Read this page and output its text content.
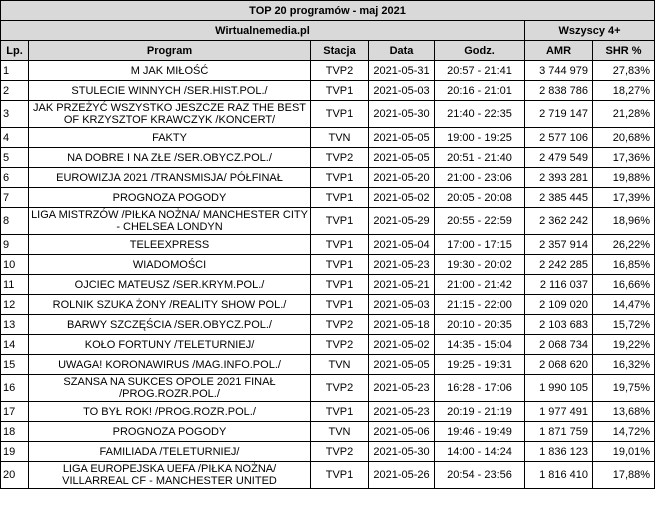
TOP 20 programów - maj 2021						
Wirtualnemedia.pl					Wszyscy 4+	
Lp.	Program	Stacja	Data	Godz.	AMR	SHR %
1	M JAK MIŁOŚĆ	TVP2	2021-05-31	20:57 - 21:41	3 744 979	27,83%
2	STULECIE WINNYCH /SER.HIST.POL./	TVP1	2021-05-03	20:16 - 21:01	2 838 786	18,27%
3	JAK PRZEŻYĆ WSZYSTKO JESZCZE RAZ THE BEST OF KRZYSZTOF KRAWCZYK /KONCERT/	TVP1	2021-05-30	21:40 - 22:35	2 719 147	21,28%
4	FAKTY	TVN	2021-05-05	19:00 - 19:25	2 577 106	20,68%
5	NA DOBRE I NA ZŁE /SER.OBYCZ.POL./	TVP2	2021-05-05	20:51 - 21:40	2 479 549	17,36%
6	EUROWIZJA 2021 /TRANSMISJA/ PÓŁFINAŁ	TVP1	2021-05-20	21:00 - 23:06	2 393 281	19,88%
7	PROGNOZA POGODY	TVP1	2021-05-02	20:05 - 20:08	2 385 445	17,39%
8	LIGA MISTRZÓW /PIŁKA NOŻNA/ MANCHESTER CITY - CHELSEA LONDYN	TVP1	2021-05-29	20:55 - 22:59	2 362 242	18,96%
9	TELEEXPRESS	TVP1	2021-05-04	17:00 - 17:15	2 357 914	26,22%
10	WIADOMOŚCI	TVP1	2021-05-23	19:30 - 20:02	2 242 285	16,85%
11	OJCIEC MATEUSZ /SER.KRYM.POL./	TVP1	2021-05-21	21:00 - 21:42	2 116 037	16,66%
12	ROLNIK SZUKA ŻONY /REALITY SHOW POL./	TVP1	2021-05-03	21:15 - 22:00	2 109 020	14,47%
13	BARWY SZCZĘŚCIA /SER.OBYCZ.POL./	TVP2	2021-05-18	20:10 - 20:35	2 103 683	15,72%
14	KOŁO FORTUNY /TELETURNIEJ/	TVP2	2021-05-02	14:35 - 15:04	2 068 734	19,22%
15	UWAGA! KORONAWIRUS /MAG.INFO.POL./	TVN	2021-05-05	19:25 - 19:31	2 068 620	16,32%
16	SZANSA NA SUKCES OPOLE 2021 FINAŁ /PROG.ROZR.POL./	TVP2	2021-05-23	16:28 - 17:06	1 990 105	19,75%
17	TO BYŁ ROK! /PROG.ROZR.POL./	TVP1	2021-05-23	20:19 - 21:19	1 977 491	13,68%
18	PROGNOZA POGODY	TVN	2021-05-06	19:46 - 19:49	1 871 759	14,72%
19	FAMILIADA /TELETURNIEJ/	TVP2	2021-05-30	14:00 - 14:24	1 836 123	19,01%
20	LIGA EUROPEJSKA UEFA /PIŁKA NOŻNA/ VILLARREAL CF - MANCHESTER UNITED	TVP1	2021-05-26	20:54 - 23:56	1 816 410	17,88%
